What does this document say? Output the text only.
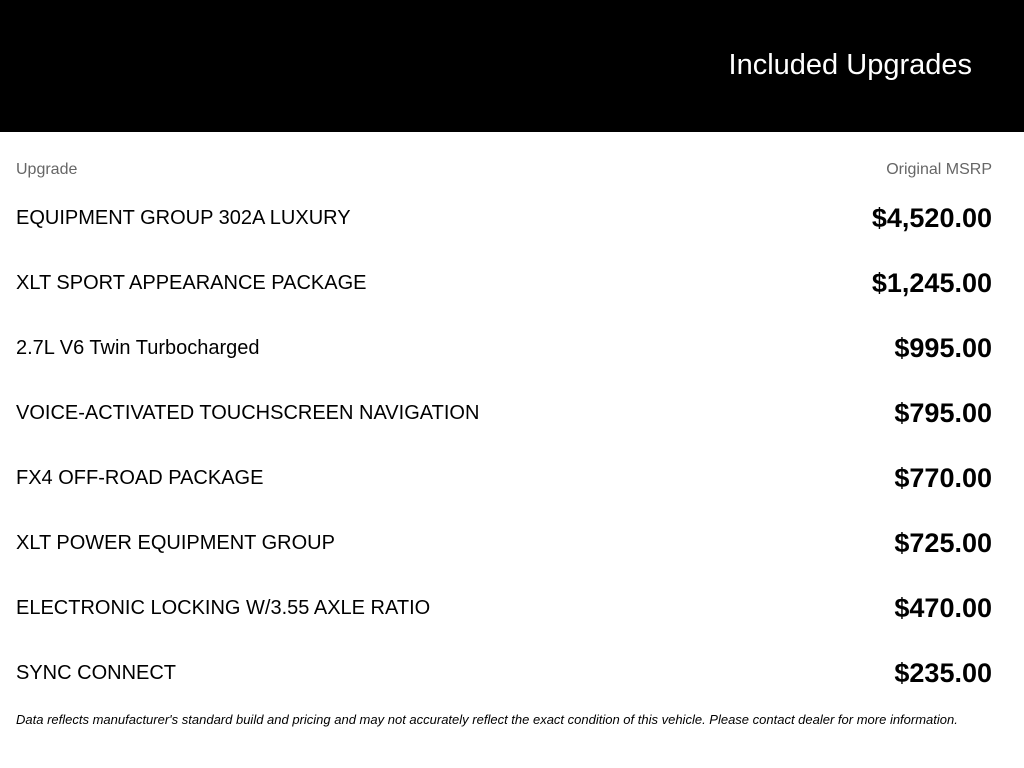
Included Upgrades
Upgrade	Original MSRP
EQUIPMENT GROUP 302A LUXURY	$4,520.00
XLT SPORT APPEARANCE PACKAGE	$1,245.00
2.7L V6 Twin Turbocharged	$995.00
VOICE-ACTIVATED TOUCHSCREEN NAVIGATION	$795.00
FX4 OFF-ROAD PACKAGE	$770.00
XLT POWER EQUIPMENT GROUP	$725.00
ELECTRONIC LOCKING W/3.55 AXLE RATIO	$470.00
SYNC CONNECT	$235.00

Data reflects manufacturer's standard build and pricing and may not accurately reflect the exact condition of this vehicle. Please contact dealer for more information.
